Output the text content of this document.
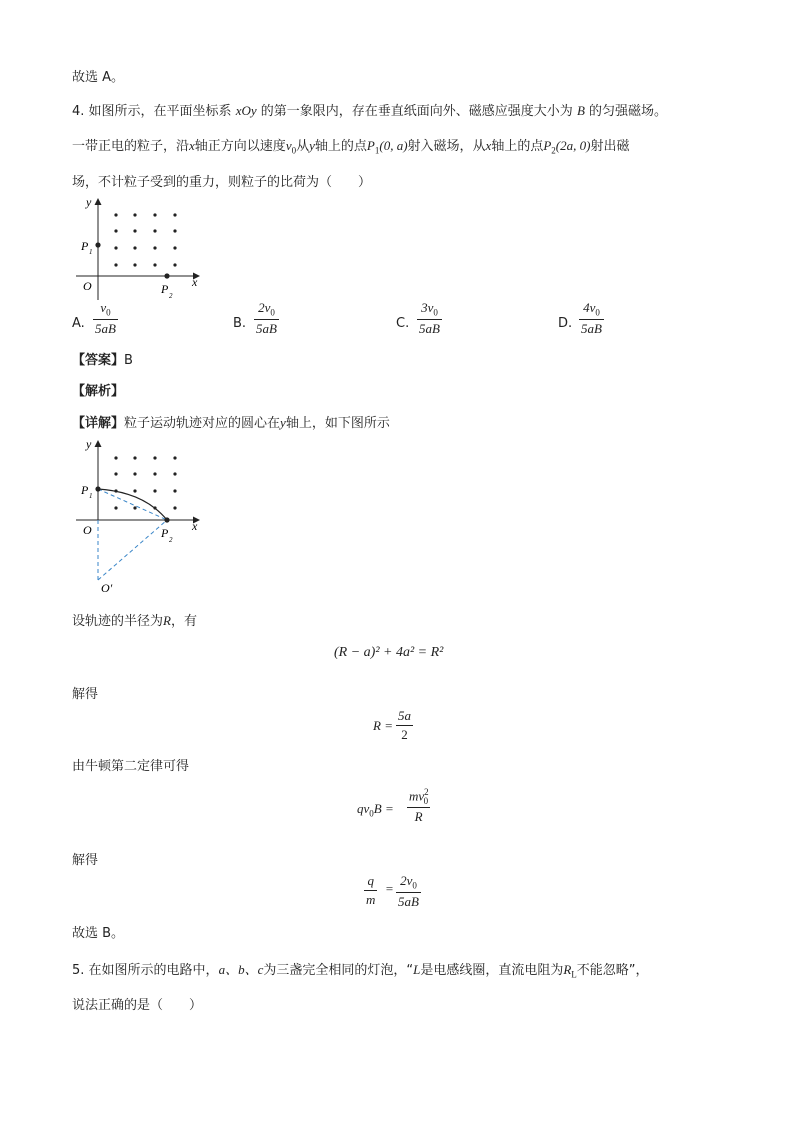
故选 A。
4. 如图所示，在平面坐标系 xOy 的第一象限内，存在垂直纸面向外、磁感应强度大小为 B 的匀强磁场。
一带正电的粒子，沿x轴正方向以速度$v_0$从y轴上的点$P_1(0$, a)射入磁场，从x轴上的点$P_2(2a$, 0)射出磁
场，不计粒子受到的重力，则粒子的比荷为（　　）
y
x
O
P 1
P 2
A. $\frac{v_0}{5aB}$	B. $\frac{2v_0}{5aB}$	C. $\frac{3v_0}{5aB}$	D. $\frac{4v_0}{5aB}$
【答案】B
【解析】
【详解】粒子运动轨迹对应的圆心在y轴上，如下图所示
y
x
O
P 1
P 2
O′
设轨迹的半径为R，有
(R − a)² + 4a² = R²
解得
$R = \frac{5a}{2}$
由牛顿第二定律可得
$qv_0B = \frac{mv^2_0}{R}$
解得
$\frac{q}{m} = \frac{2v_0}{5aB}$
故选 B。
5. 在如图所示的电路中，a、b、c为三盏完全相同的灯泡，“L是电感线圈，直流电阻为$R_L$不能忽略”，
说法正确的是（　　）
